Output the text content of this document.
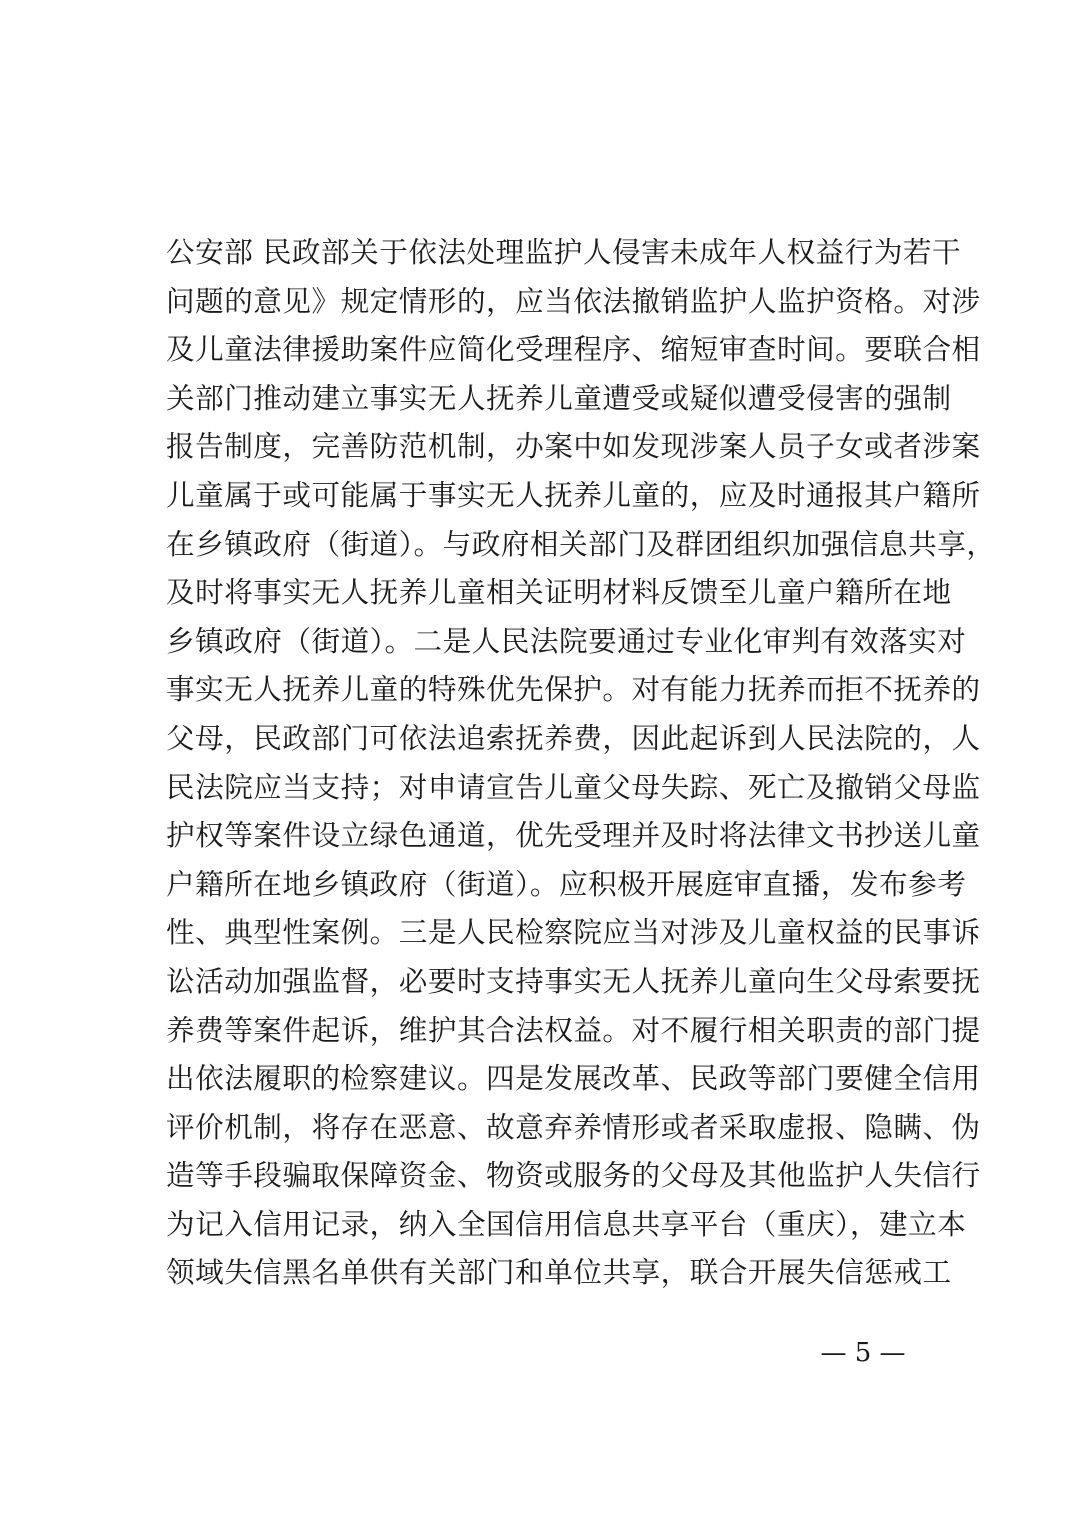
公安部 民政部关于依法处理监护人侵害未成年人权益行为若干
问题的意见》规定情形的，应当依法撤销监护人监护资格。对涉
及儿童法律援助案件应简化受理程序、缩短审查时间。要联合相
关部门推动建立事实无人抚养儿童遭受或疑似遭受侵害的强制
报告制度，完善防范机制，办案中如发现涉案人员子女或者涉案
儿童属于或可能属于事实无人抚养儿童的，应及时通报其户籍所
在乡镇政府（街道）。与政府相关部门及群团组织加强信息共享，
及时将事实无人抚养儿童相关证明材料反馈至儿童户籍所在地
乡镇政府（街道）。二是人民法院要通过专业化审判有效落实对
事实无人抚养儿童的特殊优先保护。对有能力抚养而拒不抚养的
父母，民政部门可依法追索抚养费，因此起诉到人民法院的，人
民法院应当支持；对申请宣告儿童父母失踪、死亡及撤销父母监
护权等案件设立绿色通道，优先受理并及时将法律文书抄送儿童
户籍所在地乡镇政府（街道）。应积极开展庭审直播，发布参考
性、典型性案例。三是人民检察院应当对涉及儿童权益的民事诉
讼活动加强监督，必要时支持事实无人抚养儿童向生父母索要抚
养费等案件起诉，维护其合法权益。对不履行相关职责的部门提
出依法履职的检察建议。四是发展改革、民政等部门要健全信用
评价机制，将存在恶意、故意弃养情形或者采取虚报、隐瞒、伪
造等手段骗取保障资金、物资或服务的父母及其他监护人失信行
为记入信用记录，纳入全国信用信息共享平台（重庆），建立本
领域失信黑名单供有关部门和单位共享，联合开展失信惩戒工
— 5 —
